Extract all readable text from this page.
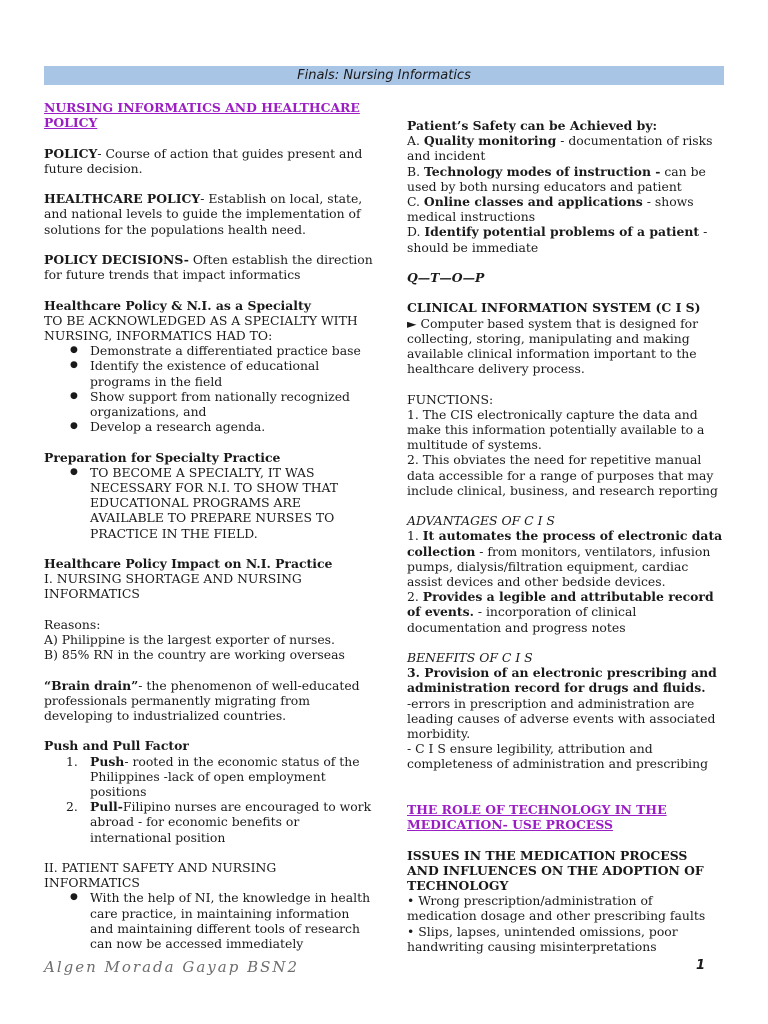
Finals: Nursing Informatics

NURSING INFORMATICS AND HEALTHCARE POLICY

POLICY- Course of action that guides present and future decision.

HEALTHCARE POLICY- Establish on local, state, and national levels to guide the implementation of solutions for the populations health need.

POLICY DECISIONS- Often establish the direction for future trends that impact informatics

Healthcare Policy & N.I. as a Specialty

TO BE ACKNOWLEDGED AS A SPECIALTY WITH NURSING, INFORMATICS HAD TO:

● Demonstrate a differentiated practice base
● Identify the existence of educational programs in the field
● Show support from nationally recognized organizations, and
● Develop a research agenda.

Preparation for Specialty Practice

● TO BECOME A SPECIALTY, IT WAS NECESSARY FOR N.I. TO SHOW THAT EDUCATIONAL PROGRAMS ARE AVAILABLE TO PREPARE NURSES TO PRACTICE IN THE FIELD.

Healthcare Policy Impact on N.I. Practice

I. NURSING SHORTAGE AND NURSING INFORMATICS

Reasons:

A) Philippine is the largest exporter of nurses.

B) 85% RN in the country are working overseas

“Brain drain”- the phenomenon of well-educated professionals permanently migrating from developing to industrialized countries.

Push and Pull Factor

1. Push- rooted in the economic status of the Philippines -lack of open employment positions
2. Pull-Filipino nurses are encouraged to work abroad - for economic benefits or international position

II. PATIENT SAFETY AND NURSING INFORMATICS

● With the help of NI, the knowledge in health care practice, in maintaining information and maintaining different tools of research can now be accessed immediately

Patient’s Safety can be Achieved by:

A. Quality monitoring - documentation of risks and incident

B. Technology modes of instruction - can be used by both nursing educators and patient

C. Online classes and applications - shows medical instructions

D. Identify potential problems of a patient - should be immediate

Q—T—O—P

CLINICAL INFORMATION SYSTEM (C I S)

► Computer based system that is designed for collecting, storing, manipulating and making available clinical information important to the healthcare delivery process.

FUNCTIONS:

1. The CIS electronically capture the data and make this information potentially available to a multitude of systems.

2. This obviates the need for repetitive manual data accessible for a range of purposes that may include clinical, business, and research reporting

ADVANTAGES OF C I S

1. It automates the process of electronic data collection - from monitors, ventilators, infusion pumps, dialysis/filtration equipment, cardiac assist devices and other bedside devices.

2. Provides a legible and attributable record of events. - incorporation of clinical documentation and progress notes

BENEFITS OF C I S

3. Provision of an electronic prescribing and administration record for drugs and fluids.

-errors in prescription and administration are leading causes of adverse events with associated morbidity.

- C I S ensure legibility, attribution and completeness of administration and prescribing

THE ROLE OF TECHNOLOGY IN THE MEDICATION- USE PROCESS

ISSUES IN THE MEDICATION PROCESS AND INFLUENCES ON THE ADOPTION OF TECHNOLOGY

• Wrong prescription/administration of medication dosage and other prescribing faults

• Slips, lapses, unintended omissions, poor handwriting causing misinterpretations

Algen Morada Gayap BSN2	1
